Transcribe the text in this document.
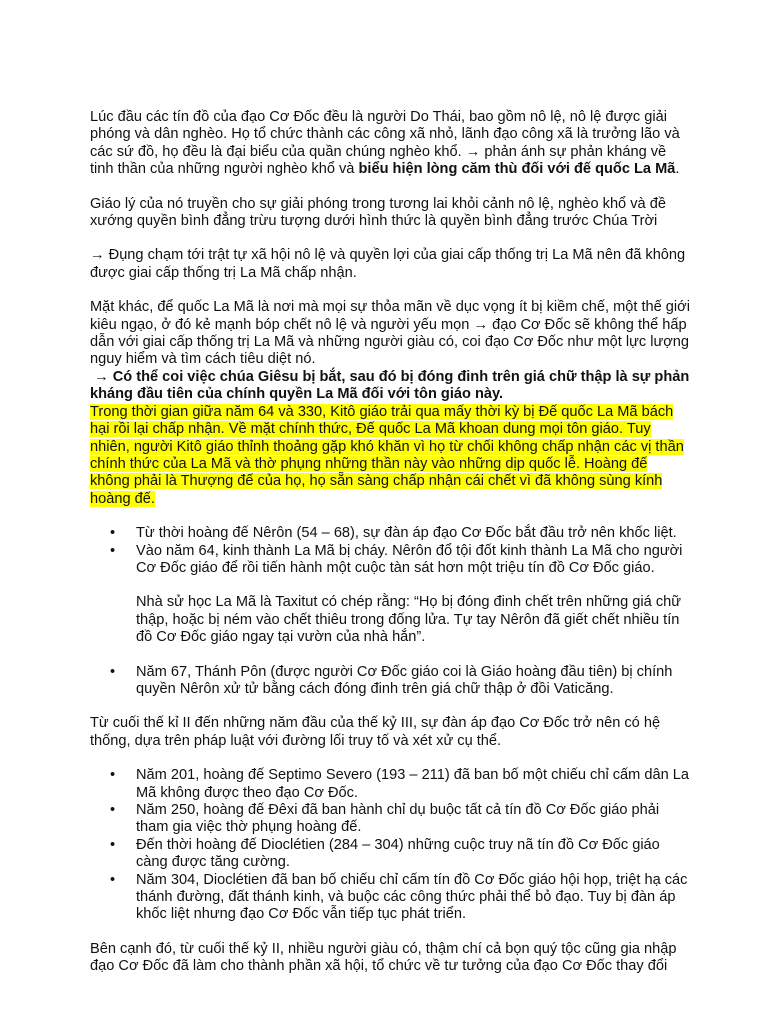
Lúc đầu các tín đồ của đạo Cơ Đốc đều là người Do Thái, bao gồm nô lệ, nô lệ được giải phóng và dân nghèo. Họ tổ chức thành các công xã nhỏ, lãnh đạo công xã là trưởng lão và các sứ đồ, họ đều là đại biểu của quần chúng nghèo khổ. → phản ánh sự phản kháng về tinh thần của những người nghèo khổ và biểu hiện lòng căm thù đối với đế quốc La Mã.

Giáo lý của nó truyền cho sự giải phóng trong tương lai khỏi cảnh nô lệ, nghèo khổ và đề xướng quyền bình đẳng trừu tượng dưới hình thức là quyền bình đẳng trước Chúa Trời

→ Đụng chạm tới trật tự xã hội nô lệ và quyền lợi của giai cấp thống trị La Mã nên đã không được giai cấp thống trị La Mã chấp nhận.

Mặt khác, để quốc La Mã là nơi mà mọi sự thỏa mãn về dục vọng ít bị kiềm chế, một thế giới kiêu ngạo, ở đó kẻ mạnh bóp chết nô lệ và người yếu mọn → đạo Cơ Đốc sẽ không thể hấp dẫn với giai cấp thống trị La Mã và những người giàu có, coi đạo Cơ Đốc như một lực lượng nguy hiểm và tìm cách tiêu diệt nó.

→ Có thể coi việc chúa Giêsu bị bắt, sau đó bị đóng đinh trên giá chữ thập là sự phản kháng đầu tiên của chính quyền La Mã đối với tôn giáo này.

Trong thời gian giữa năm 64 và 330, Kitô giáo trải qua mấy thời kỳ bị Đế quốc La Mã bách hại rồi lại chấp nhận. Về mặt chính thức, Đế quốc La Mã khoan dung mọi tôn giáo. Tuy nhiên, người Kitô giáo thỉnh thoảng gặp khó khăn vì họ từ chối không chấp nhận các vị thần chính thức của La Mã và thờ phụng những thần này vào những dịp quốc lễ. Hoàng đế không phải là Thượng đế của họ, họ sẵn sàng chấp nhận cái chết vì đã không sùng kính hoàng đế.

• Từ thời hoàng đế Nêrôn (54 – 68), sự đàn áp đạo Cơ Đốc bắt đầu trở nên khốc liệt.
• Vào năm 64, kinh thành La Mã bị cháy. Nêrôn đổ tội đốt kinh thành La Mã cho người Cơ Đốc giáo để rồi tiến hành một cuộc tàn sát hơn một triệu tín đồ Cơ Đốc giáo.

Nhà sử học La Mã là Taxitut có chép rằng: “Họ bị đóng đinh chết trên những giá chữ thập, hoặc bị ném vào chết thiêu trong đống lửa. Tự tay Nêrôn đã giết chết nhiều tín đồ Cơ Đốc giáo ngay tại vườn của nhà hắn”.

• Năm 67, Thánh Pôn (được người Cơ Đốc giáo coi là Giáo hoàng đầu tiên) bị chính quyền Nêrôn xử tử bằng cách đóng đinh trên giá chữ thập ở đồi Vaticăng.

Từ cuối thế kỉ II đến những năm đầu của thế kỷ III, sự đàn áp đạo Cơ Đốc trở nên có hệ thống, dựa trên pháp luật với đường lối truy tố và xét xử cụ thể.

• Năm 201, hoàng đế Septimo Severo (193 – 211) đã ban bố một chiếu chỉ cấm dân La Mã không được theo đạo Cơ Đốc.
• Năm 250, hoàng đế Đêxi đã ban hành chỉ dụ buộc tất cả tín đồ Cơ Đốc giáo phải tham gia việc thờ phụng hoàng đế.
• Đến thời hoàng đế Dioclétien (284 – 304) những cuộc truy nã tín đồ Cơ Đốc giáo càng được tăng cường.
• Năm 304, Dioclétien đã ban bố chiếu chỉ cấm tín đồ Cơ Đốc giáo hội họp, triệt hạ các thánh đường, đất thánh kinh, và buộc các công thức phải thể bỏ đạo. Tuy bị đàn áp khốc liệt nhưng đạo Cơ Đốc vẫn tiếp tục phát triển.

Bên cạnh đó, từ cuối thế kỷ II, nhiều người giàu có, thậm chí cả bọn quý tộc cũng gia nhập đạo Cơ Đốc đã làm cho thành phần xã hội, tổ chức về tư tưởng của đạo Cơ Đốc thay đổi
